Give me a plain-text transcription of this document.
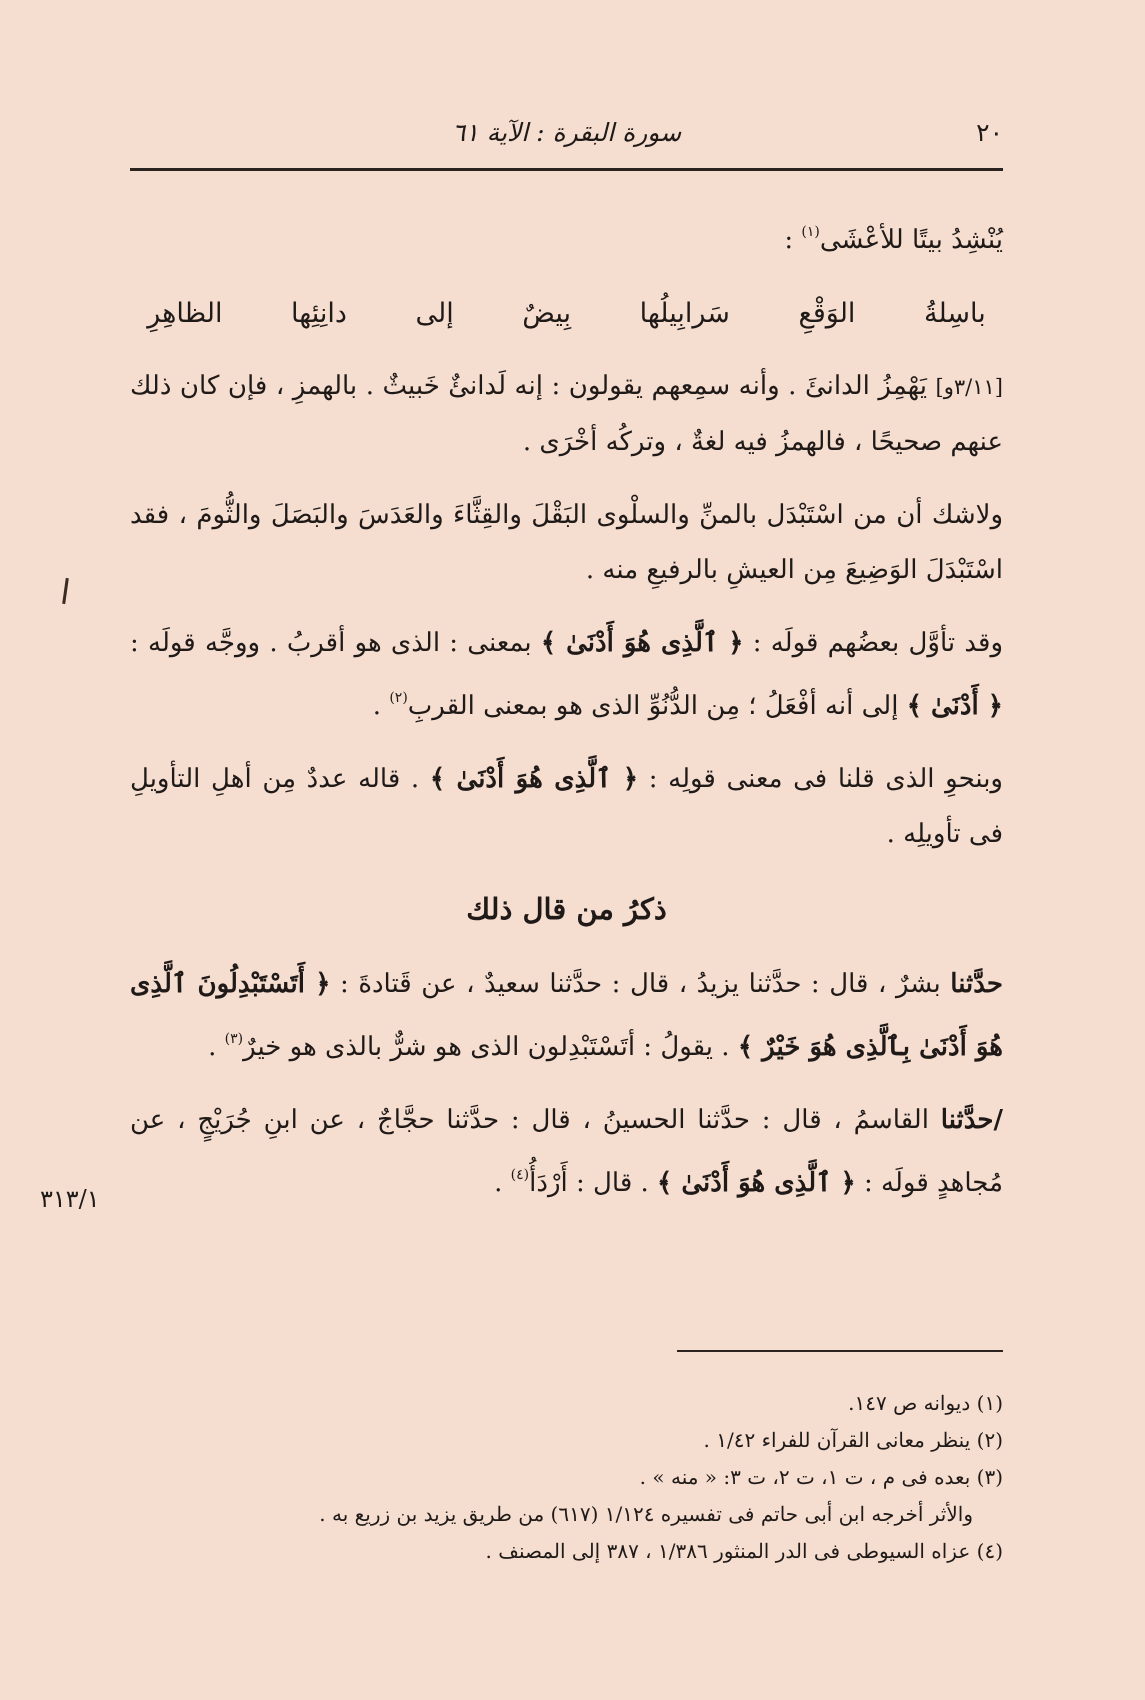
٢٠
سورة البقرة : الآية ٦١

يُنْشِدُ بيتًا للأعْشَى$^{(١)}$ :

باسِلةُ الوَقْعِ سَرابِيلُها بِيضٌ إلى دانِئِها الظاهِرِ

[٣/١١و] يَهْمِزُ الدانئَ . وأنه سمِعهم يقولون : إنه لَدانئٌ خَبيثٌ . بالهمزِ ، فإن كان ذلك عنهم صحيحًا ، فالهمزُ فيه لغةٌ ، وتركُه أخْرَى .

ولاشك أن من اسْتَبْدَل بالمنِّ والسلْوى البَقْلَ والقِثَّاءَ والعَدَسَ والبَصَلَ والثُّومَ ، فقد اسْتَبْدَلَ الوَضِيعَ مِن العيشِ بالرفيعِ منه .

وقد تأوَّل بعضُهم قولَه : ﴿ ٱلَّذِى هُوَ أَدْنَىٰ ﴾ بمعنى : الذى هو أقربُ . ووجَّه قولَه : ﴿ أَدْنَىٰ ﴾ إلى أنه أفْعَلُ ؛ مِن الدُّنُوِّ الذى هو بمعنى القربِ$^{(٢)}$ .

وبنحوِ الذى قلنا فى معنى قولِه : ﴿ ٱلَّذِى هُوَ أَدْنَىٰ ﴾ . قاله عددٌ مِن أهلِ التأويلِ فى تأويلِه .

ذكرُ من قال ذلك

حدَّثنا بشرٌ ، قال : حدَّثنا يزيدُ ، قال : حدَّثنا سعيدٌ ، عن قَتادةَ : ﴿ أَتَسْتَبْدِلُونَ ٱلَّذِى هُوَ أَدْنَىٰ بِٱلَّذِى هُوَ خَيْرٌ ﴾ . يقولُ : أتَسْتَبْدِلون الذى هو شرٌّ بالذى هو خيرٌ$^{(٣)}$ .

/حدَّثنا القاسمُ ، قال : حدَّثنا الحسينُ ، قال : حدَّثنا حجَّاجٌ ، عن ابنِ جُرَيْجٍ ، عن مُجاهدٍ قولَه : ﴿ ٱلَّذِى هُوَ أَدْنَىٰ ﴾ . قال : أَرْدَأُ$^{(٤)}$ .

٣١٣/١
(١) ديوانه ص ١٤٧.
(٢) ينظر معانى القرآن للفراء ١/٤٢ .
(٣) بعده فى م ، ت ١، ت ٢، ت ٣: « منه » .
والأثر أخرجه ابن أبى حاتم فى تفسيره ١/١٢٤ (٦١٧) من طريق يزيد بن زريع به .
(٤) عزاه السيوطى فى الدر المنثور ١/٣٨٦ ، ٣٨٧ إلى المصنف .
